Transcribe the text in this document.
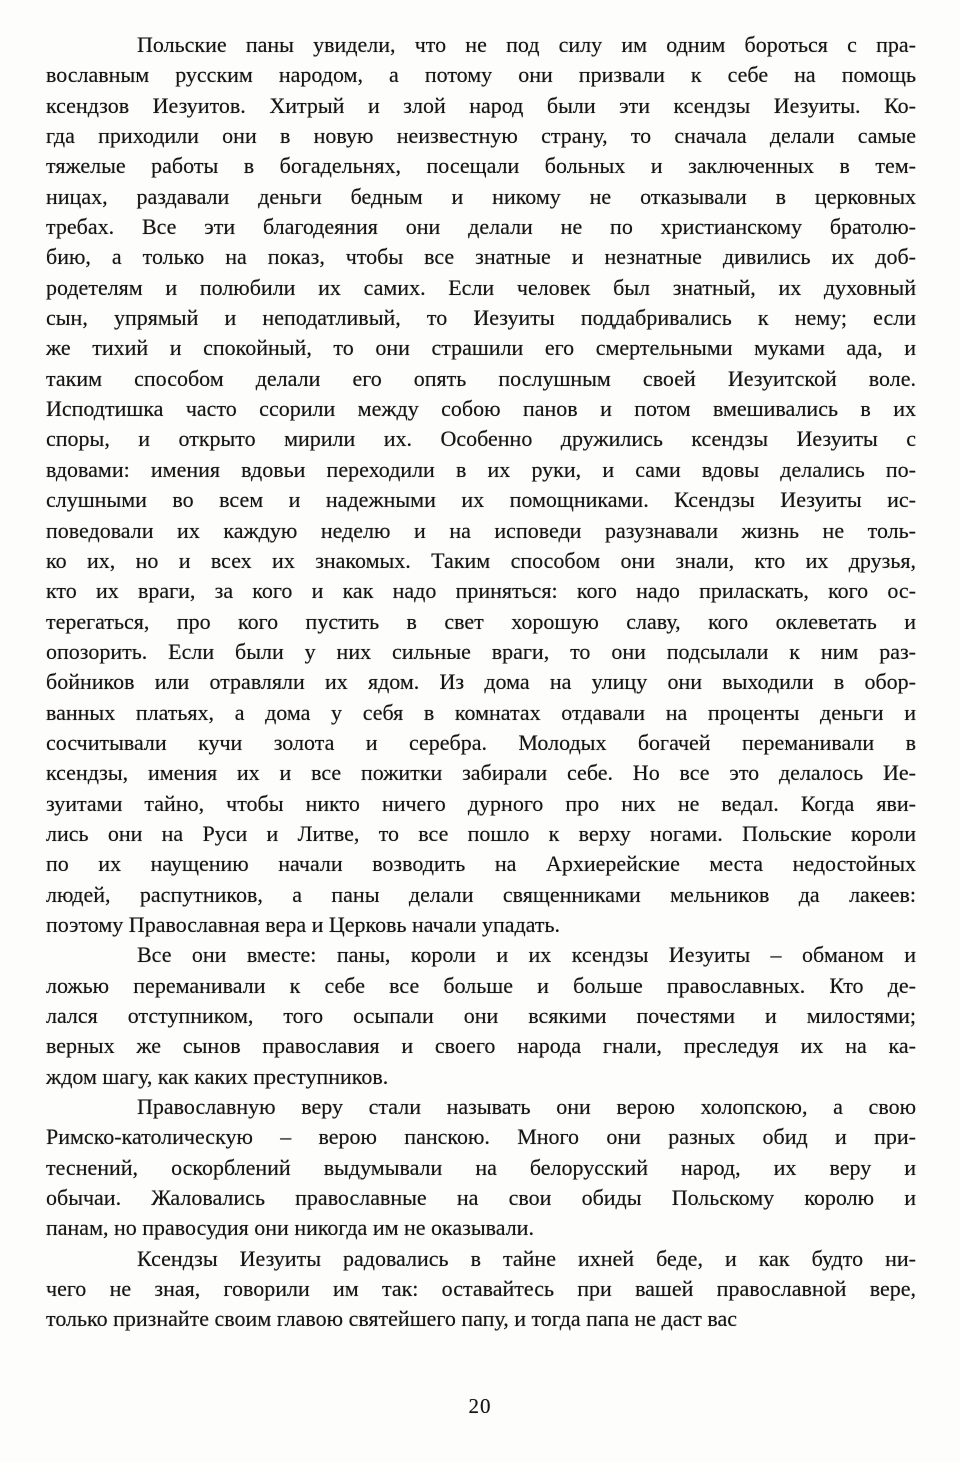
Польские паны увидели, что не под силу им одним бороться с пра-
вославным русским народом, а потому они призвали к себе на помощь
ксендзов Иезуитов. Хитрый и злой народ были эти ксендзы Иезуиты. Ко-
гда приходили они в новую неизвестную страну, то сначала делали самые
тяжелые работы в богадельнях, посещали больных и заключенных в тем-
ницах, раздавали деньги бедным и никому не отказывали в церковных
требах. Все эти благодеяния они делали не по христианскому братолю-
бию, а только на показ, чтобы все знатные и незнатные дивились их доб-
родетелям и полюбили их самих. Если человек был знатный, их духовный
сын, упрямый и неподатливый, то Иезуиты поддабривались к нему; если
же тихий и спокойный, то они страшили его смертельными муками ада, и
таким способом делали его опять послушным своей Иезуитской воле.
Исподтишка часто ссорили между собою панов и потом вмешивались в их
споры, и открыто мирили их. Особенно дружились ксендзы Иезуиты с
вдовами: имения вдовьи переходили в их руки, и сами вдовы делались по-
слушными во всем и надежными их помощниками. Ксендзы Иезуиты ис-
поведовали их каждую неделю и на исповеди разузнавали жизнь не толь-
ко их, но и всех их знакомых. Таким способом они знали, кто их друзья,
кто их враги, за кого и как надо приняться: кого надо приласкать, кого ос-
терегаться, про кого пустить в свет хорошую славу, кого оклеветать и
опозорить. Если были у них сильные враги, то они подсылали к ним раз-
бойников или отравляли их ядом. Из дома на улицу они выходили в обор-
ванных платьях, а дома у себя в комнатах отдавали на проценты деньги и
сосчитывали кучи золота и серебра. Молодых богачей переманивали в
ксендзы, имения их и все пожитки забирали себе. Но все это делалось Ие-
зуитами тайно, чтобы никто ничего дурного про них не ведал. Когда яви-
лись они на Руси и Литве, то все пошло к верху ногами. Польские короли
по их наущению начали возводить на Архиерейские места недостойных
людей, распутников, а паны делали священниками мельников да лакеев:
поэтому Православная вера и Церковь начали упадать.
Все они вместе: паны, короли и их ксендзы Иезуиты – обманом и
ложью переманивали к себе все больше и больше православных. Кто де-
лался отступником, того осыпали они всякими почестями и милостями;
верных же сынов православия и своего народа гнали, преследуя их на ка-
ждом шагу, как каких преступников.
Православную веру стали называть они верою холопскою, а свою
Римско-католическую – верою панскою. Много они разных обид и при-
теснений, оскорблений выдумывали на белорусский народ, их веру и
обычаи. Жаловались православные на свои обиды Польскому королю и
панам, но правосудия они никогда им не оказывали.
Ксендзы Иезуиты радовались в тайне ихней беде, и как будто ни-
чего не зная, говорили им так: оставайтесь при вашей православной вере,
только признайте своим главою святейшего папу, и тогда папа не даст вас
20
